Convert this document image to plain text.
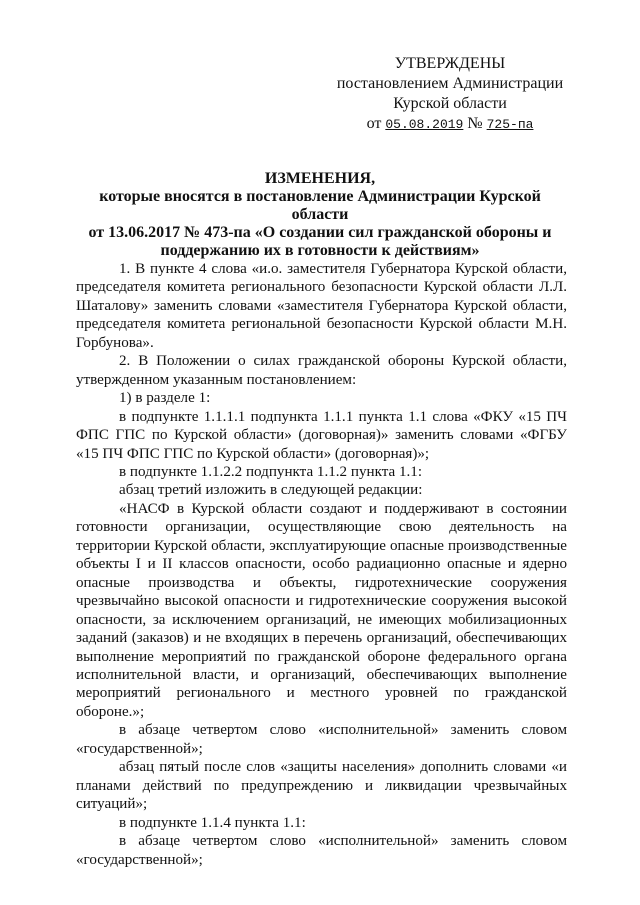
УТВЕРЖДЕНЫ
постановлением Администрации
Курской области
от 05.08.2019 № 725-па
ИЗМЕНЕНИЯ,
которые вносятся в постановление Администрации Курской области
от 13.06.2017 № 473-па «О создании сил гражданской обороны и
поддержанию их в готовности к действиям»

1. В пункте 4 слова «и.о. заместителя Губернатора Курской области, председателя комитета регионального безопасности Курской области Л.Л. Шаталову» заменить словами «заместителя Губернатора Курской области, председателя комитета региональной безопасности Курской области М.Н. Горбунова».

2. В Положении о силах гражданской обороны Курской области, утвержденном указанным постановлением:

1) в разделе 1:

в подпункте 1.1.1.1 подпункта 1.1.1 пункта 1.1 слова «ФКУ «15 ПЧ ФПС ГПС по Курской области» (договорная)» заменить словами «ФГБУ «15 ПЧ ФПС ГПС по Курской области» (договорная)»;

в подпункте 1.1.2.2 подпункта 1.1.2 пункта 1.1:

абзац третий изложить в следующей редакции:

«НАСФ в Курской области создают и поддерживают в состоянии готовности организации, осуществляющие свою деятельность на территории Курской области, эксплуатирующие опасные производственные объекты I и II классов опасности, особо радиационно опасные и ядерно опасные производства и объекты, гидротехнические сооружения чрезвычайно высокой опасности и гидротехнические сооружения высокой опасности, за исключением организаций, не имеющих мобилизационных заданий (заказов) и не входящих в перечень организаций, обеспечивающих выполнение мероприятий по гражданской обороне федерального органа исполнительной власти, и организаций, обеспечивающих выполнение мероприятий регионального и местного уровней по гражданской обороне.»;

в абзаце четвертом слово «исполнительной» заменить словом «государственной»;

абзац пятый после слов «защиты населения» дополнить словами «и планами действий по предупреждению и ликвидации чрезвычайных ситуаций»;

в подпункте 1.1.4 пункта 1.1:

в абзаце четвертом слово «исполнительной» заменить словом «государственной»;
